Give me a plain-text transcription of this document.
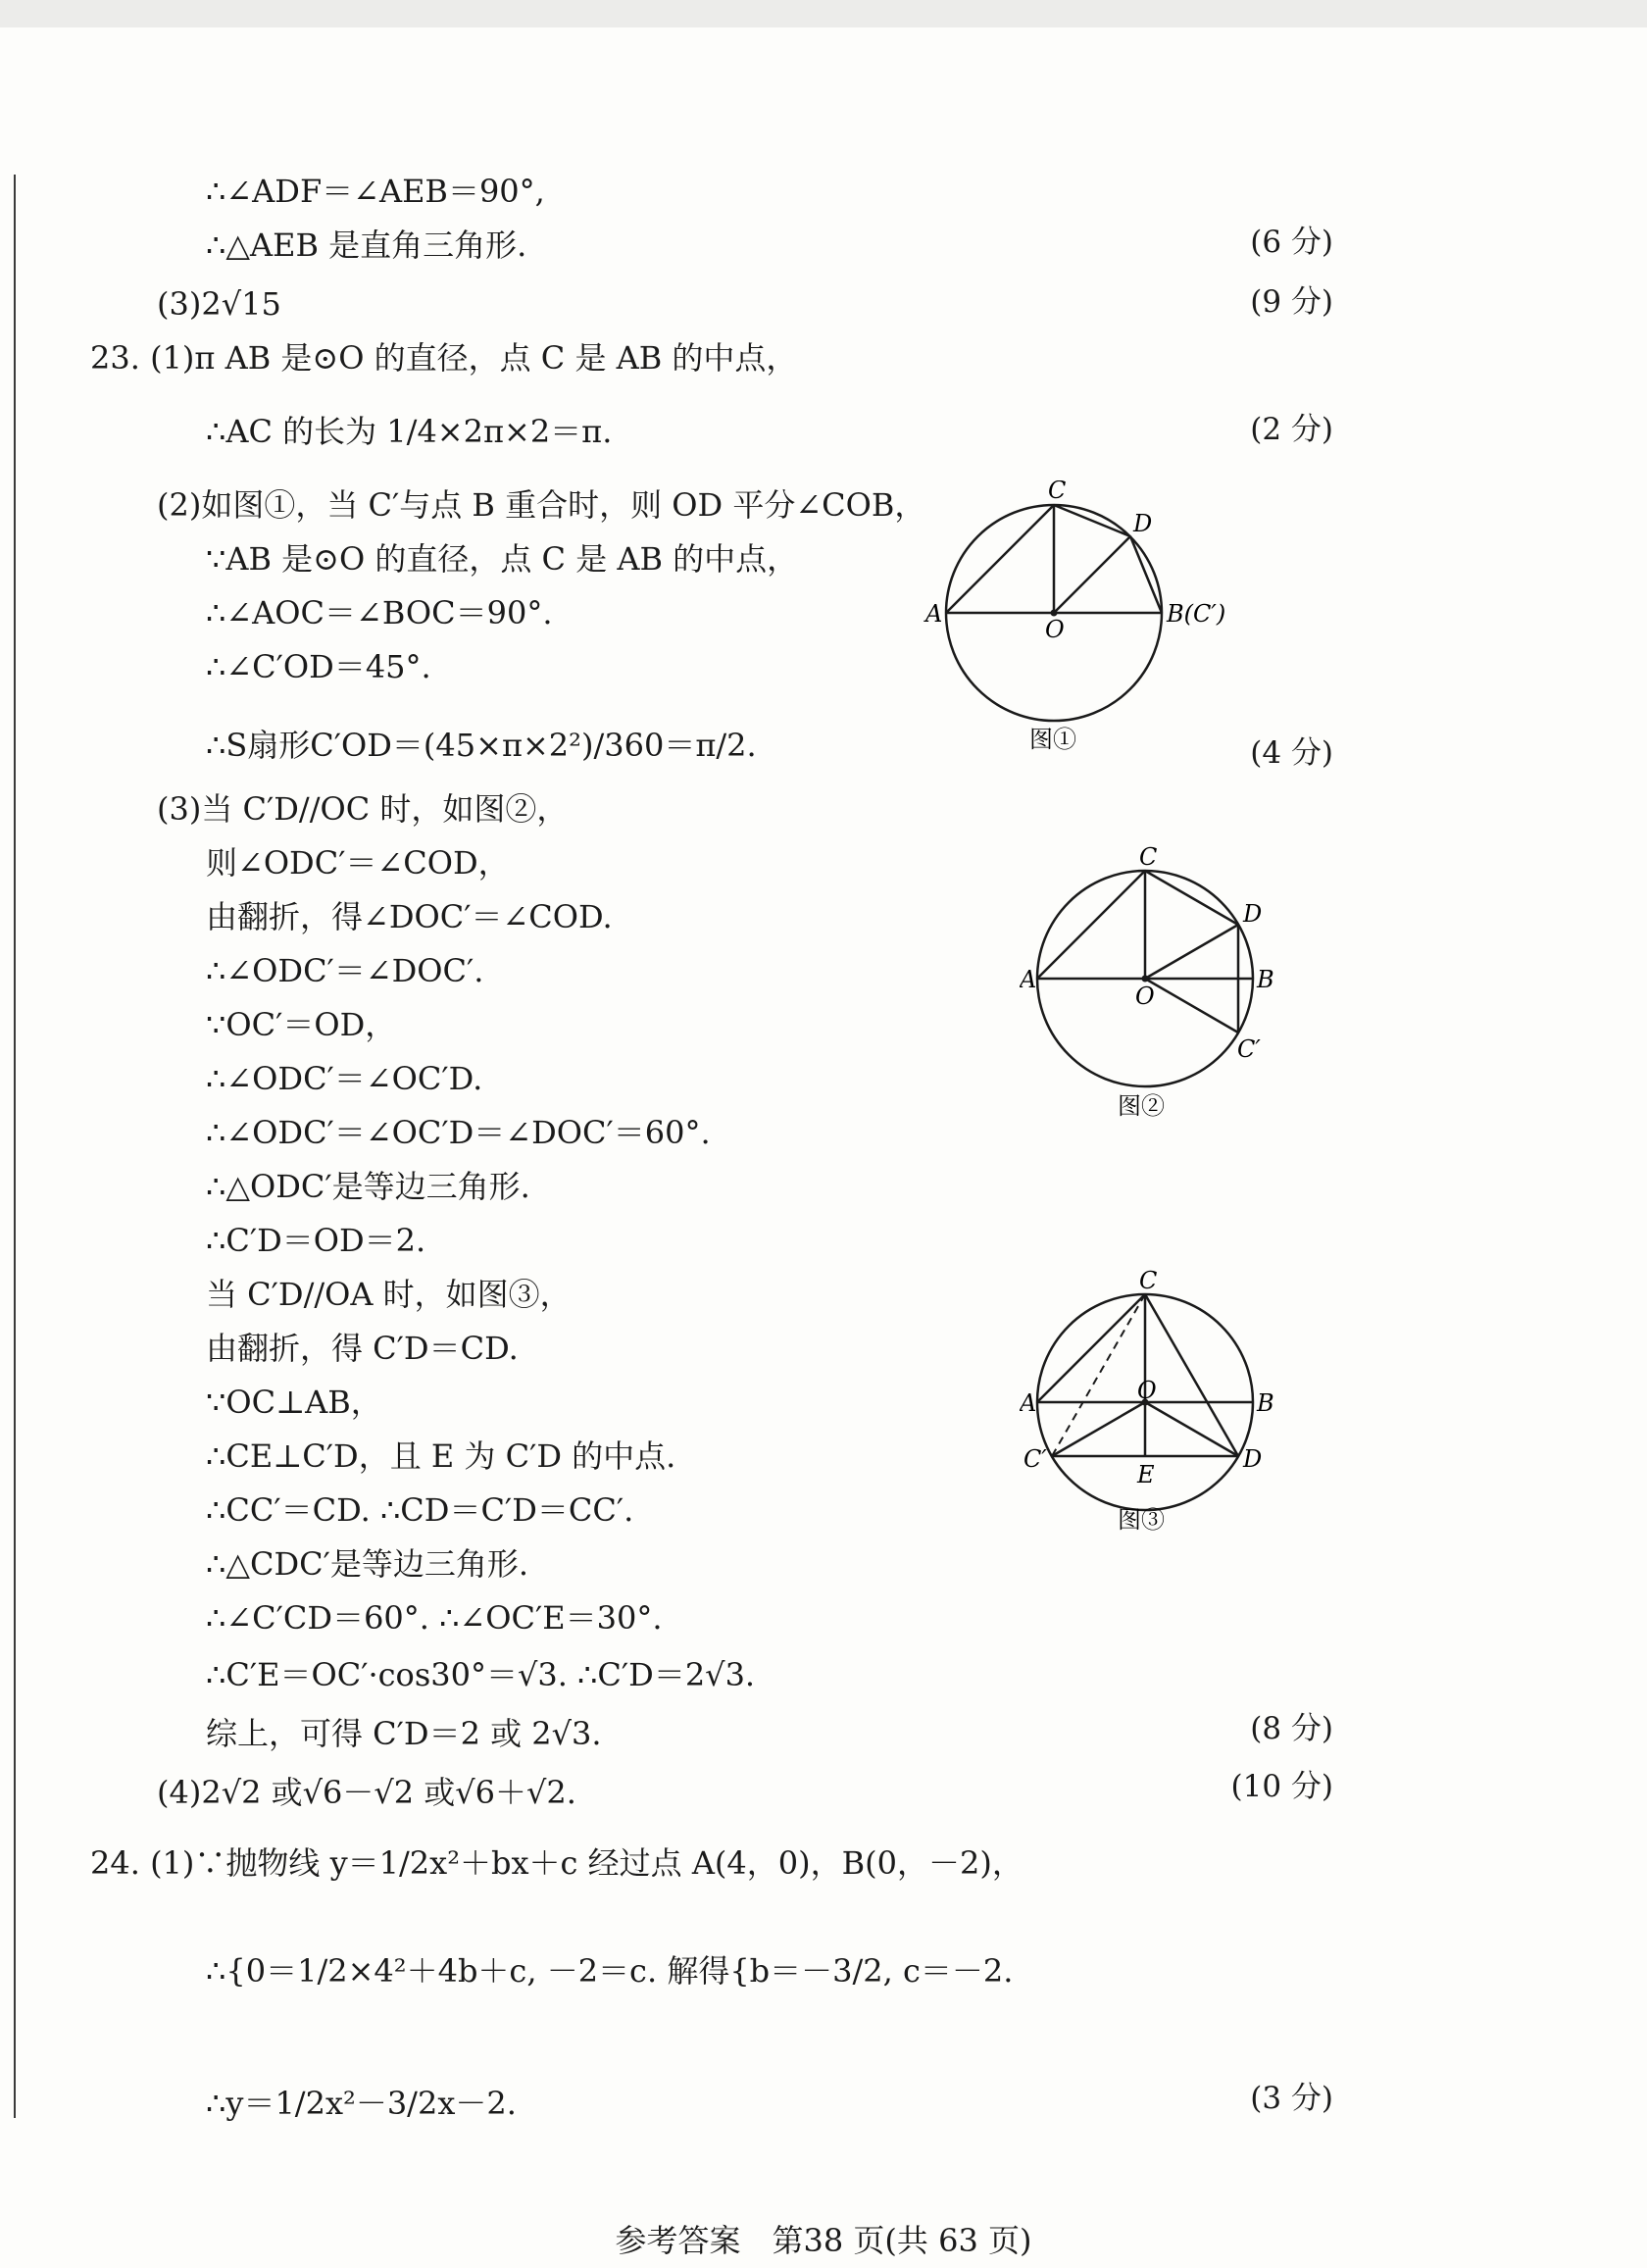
∴∠ADF＝∠AEB＝90°,
∴△AEB 是直角三角形.
(3)2√15
23. (1)π AB 是⊙O 的直径，点 C 是 AB 的中点，
∴AC 的长为 1/4×2π×2＝π.
(2)如图①，当 C′与点 B 重合时，则 OD 平分∠COB，
∵AB 是⊙O 的直径，点 C 是 AB 的中点，
∴∠AOC＝∠BOC＝90°.
∴∠C′OD＝45°.
∴S扇形C′OD＝(45×π×2²)/360＝π/2.
(3)当 C′D//OC 时，如图②，
则∠ODC′＝∠COD，
由翻折，得∠DOC′＝∠COD.
∴∠ODC′＝∠DOC′.
∵OC′＝OD，
∴∠ODC′＝∠OC′D.
∴∠ODC′＝∠OC′D＝∠DOC′＝60°.
∴△ODC′是等边三角形.
∴C′D＝OD＝2.
当 C′D//OA 时，如图③，
由翻折，得 C′D＝CD.
∵OC⊥AB，
∴CE⊥C′D，且 E 为 C′D 的中点.
∴CC′＝CD. ∴CD＝C′D＝CC′.
∴△CDC′是等边三角形.
∴∠C′CD＝60°. ∴∠OC′E＝30°.
∴C′E＝OC′·cos30°＝√3. ∴C′D＝2√3.
综上，可得 C′D＝2 或 2√3.
(4)2√2 或√6－√2 或√6＋√2.
24. (1)∵抛物线 y＝1/2x²＋bx＋c 经过点 A(4，0)，B(0，－2)，
∴{0＝1/2×4²＋4b＋c, －2＝c. 解得{b＝－3/2, c＝－2.
∴y＝1/2x²－3/2x－2.
(6 分)
(9 分)
(2 分)
(4 分)
(8 分)
(10 分)
(3 分)
C
D
A
O
B(C′)
图①
C
D
A
O
B
C′
图②
C
A	O	B
C′
E
D
图③
参考答案　第38 页(共 63 页)
